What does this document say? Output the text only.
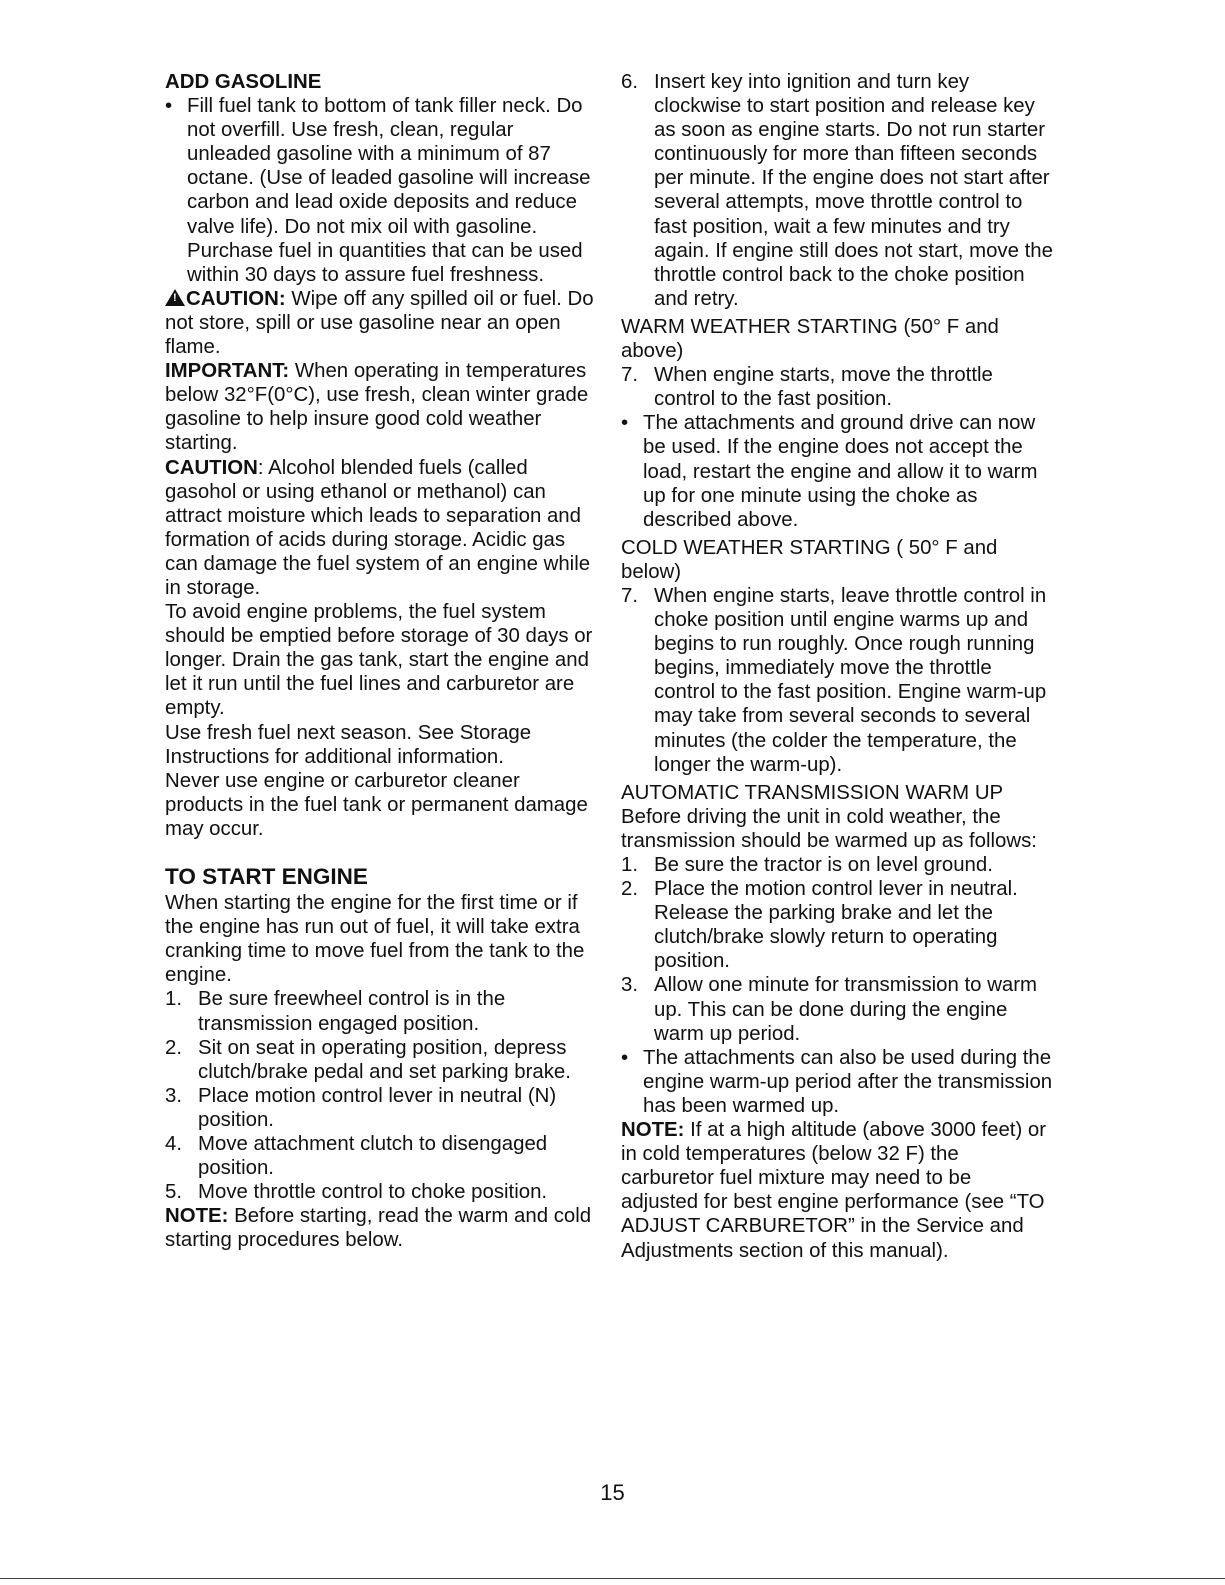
ADD GASOLINE

• Fill fuel tank to bottom of tank filler neck. Do not overfill. Use fresh, clean, regular unleaded gasoline with a minimum of 87 octane. (Use of leaded gasoline will increase carbon and lead oxide deposits and reduce valve life). Do not mix oil with gasoline. Purchase fuel in quantities that can be used within 30 days to assure fuel freshness.

!CAUTION: Wipe off any spilled oil or fuel. Do not store, spill or use gasoline near an open flame.

IMPORTANT: When operating in temperatures below 32°F(0°C), use fresh, clean winter grade gasoline to help insure good cold weather starting.

CAUTION: Alcohol blended fuels (called gasohol or using ethanol or methanol) can attract moisture which leads to separation and formation of acids during storage. Acidic gas can damage the fuel system of an engine while in storage.

To avoid engine problems, the fuel system should be emptied before storage of 30 days or longer. Drain the gas tank, start the engine and let it run until the fuel lines and carburetor are empty.

Use fresh fuel next season. See Storage Instructions for additional information.

Never use engine or carburetor cleaner products in the fuel tank or permanent damage may occur.

TO START ENGINE

When starting the engine for the first time or if the engine has run out of fuel, it will take extra cranking time to move fuel from the tank to the engine.

1. Be sure freewheel control is in the transmission engaged position.

2. Sit on seat in operating position, depress clutch/brake pedal and set parking brake.

3. Place motion control lever in neutral (N) position.

4. Move attachment clutch to disengaged position.

5. Move throttle control to choke position.

NOTE: Before starting, read the warm and cold starting procedures below.

6. Insert key into ignition and turn key clockwise to start position and release key as soon as engine starts. Do not run starter continuously for more than fifteen seconds per minute. If the engine does not start after several attempts, move throttle control to fast position, wait a few minutes and try again. If engine still does not start, move the throttle control back to the choke position and retry.

WARM WEATHER STARTING (50° F and above)

7. When engine starts, move the throttle control to the fast position.

• The attachments and ground drive can now be used. If the engine does not accept the load, restart the engine and allow it to warm up for one minute using the choke as described above.

COLD WEATHER STARTING ( 50° F and below)

7. When engine starts, leave throttle control in choke position until engine warms up and begins to run roughly. Once rough running begins, immediately move the throttle control to the fast position. Engine warm-up may take from several seconds to several minutes (the colder the temperature, the longer the warm-up).

AUTOMATIC TRANSMISSION WARM UP

Before driving the unit in cold weather, the transmission should be warmed up as follows:

1. Be sure the tractor is on level ground.

2. Place the motion control lever in neutral. Release the parking brake and let the clutch/brake slowly return to operating position.

3. Allow one minute for transmission to warm up. This can be done during the engine warm up period.

• The attachments can also be used during the engine warm-up period after the transmission has been warmed up.

NOTE: If at a high altitude (above 3000 feet) or in cold temperatures (below 32 F) the carburetor fuel mixture may need to be adjusted for best engine performance (see “TO ADJUST CARBURETOR” in the Service and Adjustments section of this manual).

15
